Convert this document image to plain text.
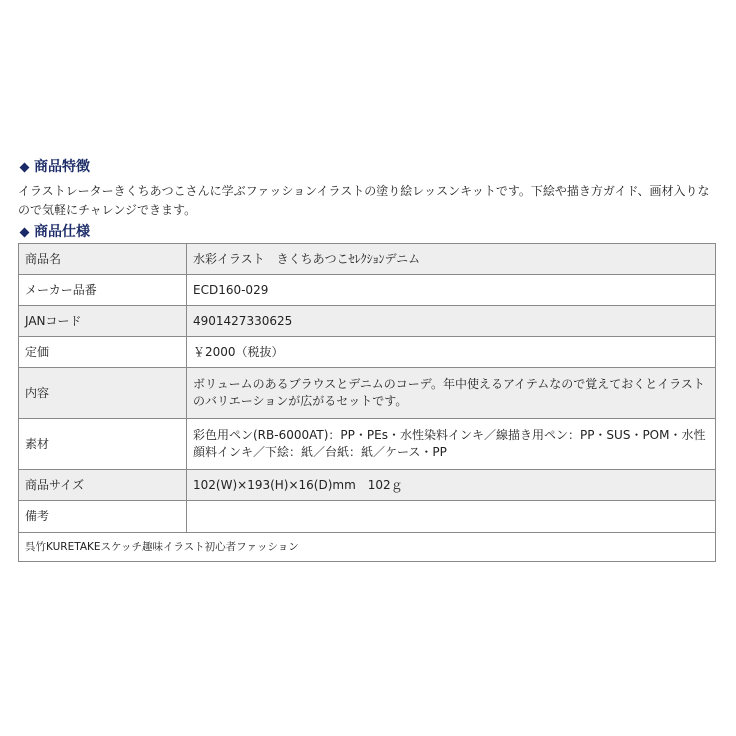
商品特徴

イラストレーターきくちあつこさんに学ぶファッションイラストの塗り絵レッスンキットです。下絵や描き方ガイド、画材入りなので気軽にチャレンジできます。

商品仕様
商品名	水彩イラスト　きくちあつこｾﾚｸｼｮﾝデニム
メーカー品番	ECD160-029
JANコード	4901427330625
定価	￥2000（税抜）
内容	ボリュームのあるブラウスとデニムのコーデ。年中使えるアイテムなので覚えておくとイラストのバリエーションが広がるセットです。
素材	彩色用ペン(RB-6000AT)：PP・PEs・水性染料インキ／線描き用ペン：PP・SUS・POM・水性顔料インキ／下絵：紙／台紙：紙／ケース・PP
商品サイズ	102(W)×193(H)×16(D)mm　102ｇ
備考	
呉竹KURETAKEスケッチ趣味イラスト初心者ファッション	
